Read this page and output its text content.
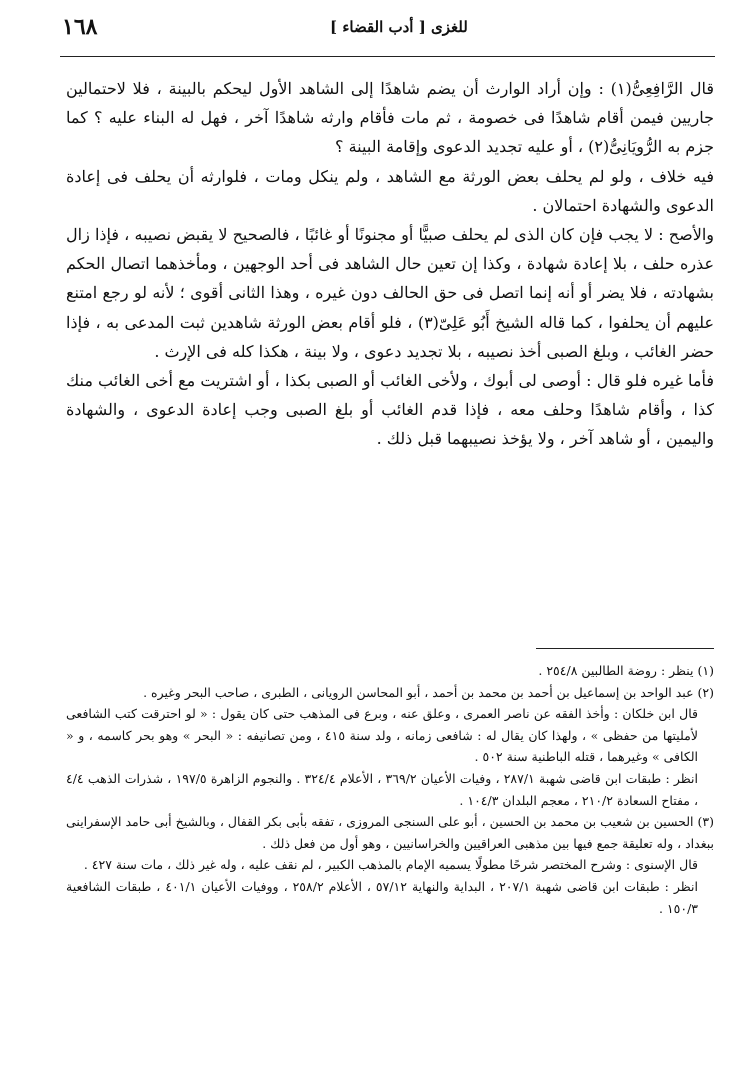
١٦٨	[ أدب القضاء ] للغزى

قال الرَّافِعِىُّ(١) : وإن أراد الوارث أن يضم شاهدًا إلى الشاهد الأول ليحكم بالبينة ، فلا لاحتمالين جاريين فيمن أقام شاهدًا فى خصومة ، ثم مات فأقام وارثه شاهدًا آخر ، فهل له البناء عليه ؟ كما جزم به الرُّويَانِىُّ(٢) ، أو عليه تجديد الدعوى وإقامة البينة ؟

فيه خلاف ، ولو لم يحلف بعض الورثة مع الشاهد ، ولم ينكل ومات ، فلوارثه أن يحلف فى إعادة الدعوى والشهادة احتمالان .

والأصح : لا يجب فإن كان الذى لم يحلف صبيًّا أو مجنونًا أو غائبًا ، فالصحيح لا يقبض نصيبه ، فإذا زال عذره حلف ، بلا إعادة شهادة ، وكذا إن تعين حال الشاهد فى أحد الوجهين ، ومأخذهما اتصال الحكم بشهادته ، فلا يضر أو أنه إنما اتصل فى حق الحالف دون غيره ، وهذا الثانى أقوى ؛ لأنه لو رجع امتنع عليهم أن يحلفوا ، كما قاله الشيخ أَبُو عَلِىّ(٣) ، فلو أقام بعض الورثة شاهدين ثبت المدعى به ، فإذا حضر الغائب ، وبلغ الصبى أخذ نصيبه ، بلا تجديد دعوى ، ولا بينة ، هكذا كله فى الإرث .

فأما غيره فلو قال : أوصى لى أبوك ، ولأخى الغائب أو الصبى بكذا ، أو اشتريت مع أخى الغائب منك كذا ، وأقام شاهدًا وحلف معه ، فإذا قدم الغائب أو بلغ الصبى وجب إعادة الدعوى ، والشهادة واليمين ، أو شاهد آخر ، ولا يؤخذ نصيبهما قبل ذلك .

(١) ينظر : روضة الطالبين ٢٥٤/٨ .

(٢) عبد الواحد بن إسماعيل بن أحمد بن محمد بن أحمد ، أبو المحاسن الرويانى ، الطبرى ، صاحب البحر وغيره .

قال ابن خلكان : وأخذ الفقه عن ناصر العمرى ، وعلق عنه ، وبرع فى المذهب حتى كان يقول : « لو احترقت كتب الشافعى لأمليتها من حفظى » ، ولهذا كان يقال له : شافعى زمانه ، ولد سنة ٤١٥ ، ومن تصانيفه : « البحر » وهو بحر كاسمه ، و « الكافى » وغيرهما ، قتله الباطنية سنة ٥٠٢ .

انظر : طبقات ابن قاضى شهبة ٢٨٧/١ ، وفيات الأعيان ٣٦٩/٢ ، الأعلام ٣٢٤/٤ . والنجوم الزاهرة ١٩٧/٥ ، شذرات الذهب ٤/٤ ، مفتاح السعادة ٢١٠/٢ ، معجم البلدان ١٠٤/٣ .

(٣) الحسين بن شعيب بن محمد بن الحسين ، أبو على السنجى المروزى ، تفقه بأبى بكر القفال ، وبالشيخ أبى حامد الإسفراينى ببغداد ، وله تعليقة جمع فيها بين مذهبى العراقيين والخراسانيين ، وهو أول من فعل ذلك .

قال الإسنوى : وشرح المختصر شرحًا مطولًا يسميه الإمام بالمذهب الكبير ، لم نقف عليه ، وله غير ذلك ، مات سنة ٤٢٧ .

انظر : طبقات ابن قاضى شهبة ٢٠٧/١ ، البداية والنهاية ٥٧/١٢ ، الأعلام ٢٥٨/٢ ، ووفيات الأعيان ٤٠١/١ ، طبقات الشافعية ١٥٠/٣ .
